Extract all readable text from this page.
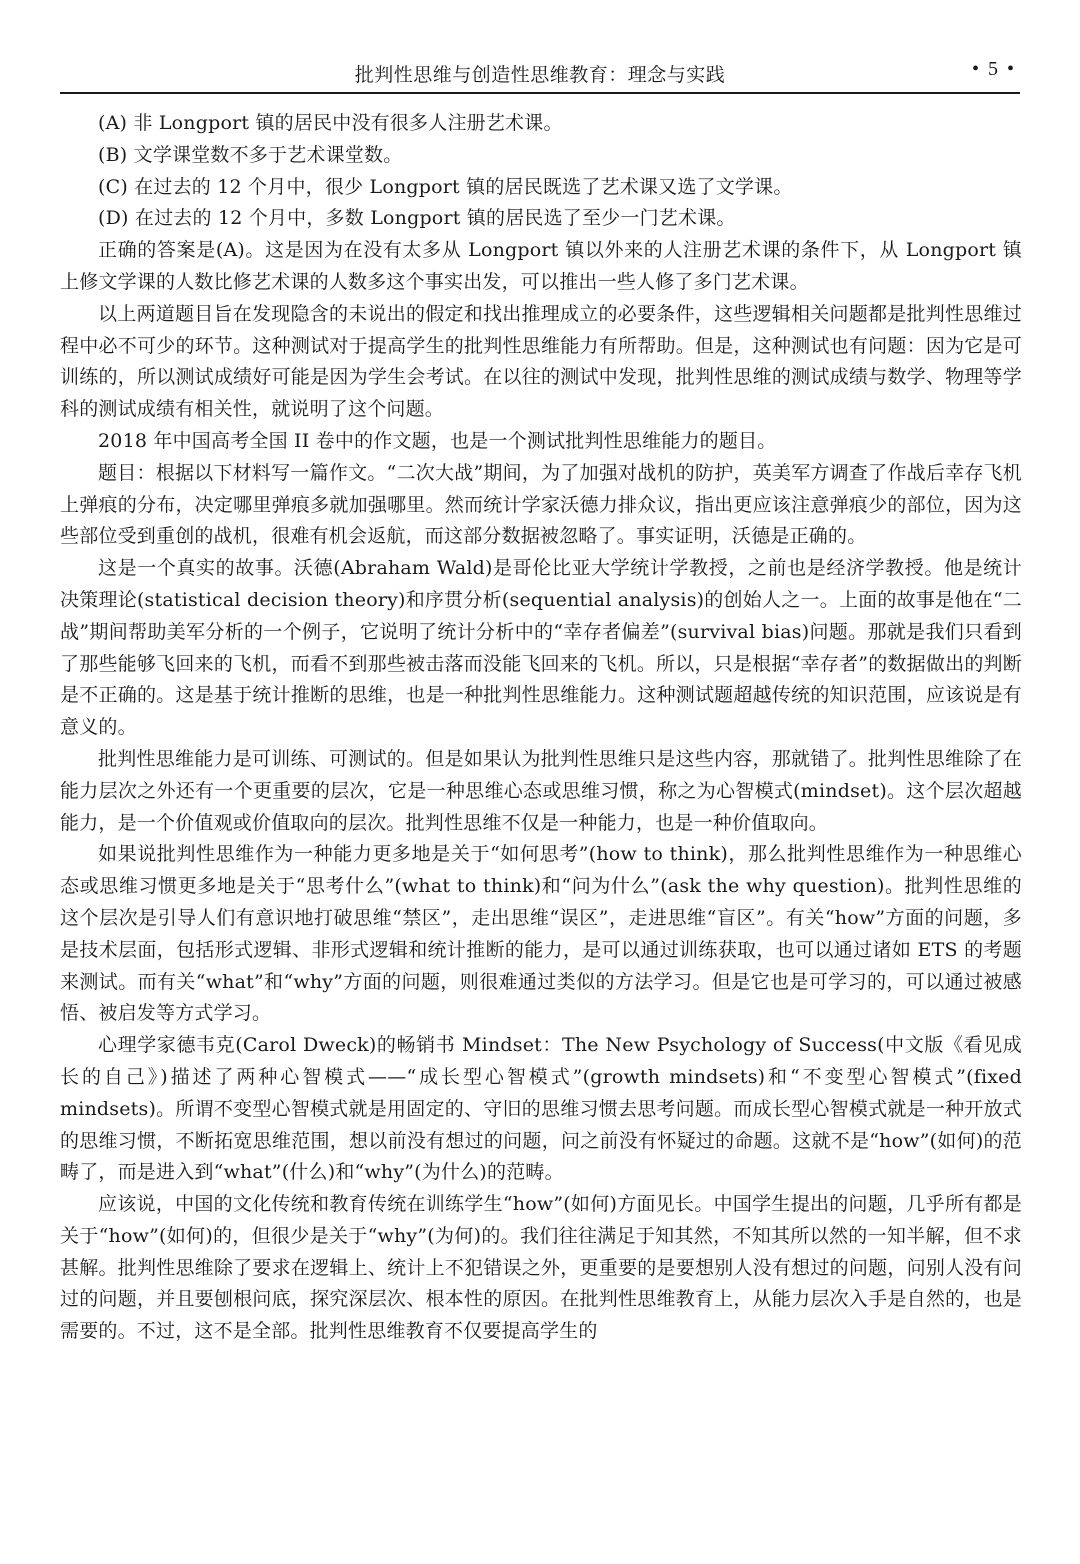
批判性思维与创造性思维教育：理念与实践	• 5 •

(A) 非 Longport 镇的居民中没有很多人注册艺术课。

(B) 文学课堂数不多于艺术课堂数。

(C) 在过去的 12 个月中，很少 Longport 镇的居民既选了艺术课又选了文学课。

(D) 在过去的 12 个月中，多数 Longport 镇的居民选了至少一门艺术课。

正确的答案是(A)。这是因为在没有太多从 Longport 镇以外来的人注册艺术课的条件下，从 Longport 镇上修文学课的人数比修艺术课的人数多这个事实出发，可以推出一些人修了多门艺术课。

以上两道题目旨在发现隐含的未说出的假定和找出推理成立的必要条件，这些逻辑相关问题都是批判性思维过程中必不可少的环节。这种测试对于提高学生的批判性思维能力有所帮助。但是，这种测试也有问题：因为它是可训练的，所以测试成绩好可能是因为学生会考试。在以往的测试中发现，批判性思维的测试成绩与数学、物理等学科的测试成绩有相关性，就说明了这个问题。

2018 年中国高考全国 II 卷中的作文题，也是一个测试批判性思维能力的题目。

题目：根据以下材料写一篇作文。“二次大战”期间，为了加强对战机的防护，英美军方调查了作战后幸存飞机上弹痕的分布，决定哪里弹痕多就加强哪里。然而统计学家沃德力排众议，指出更应该注意弹痕少的部位，因为这些部位受到重创的战机，很难有机会返航，而这部分数据被忽略了。事实证明，沃德是正确的。

这是一个真实的故事。沃德(Abraham Wald)是哥伦比亚大学统计学教授，之前也是经济学教授。他是统计决策理论(statistical decision theory)和序贯分析(sequential analysis)的创始人之一。上面的故事是他在“二战”期间帮助美军分析的一个例子，它说明了统计分析中的“幸存者偏差”(survival bias)问题。那就是我们只看到了那些能够飞回来的飞机，而看不到那些被击落而没能飞回来的飞机。所以，只是根据“幸存者”的数据做出的判断是不正确的。这是基于统计推断的思维，也是一种批判性思维能力。这种测试题超越传统的知识范围，应该说是有意义的。

批判性思维能力是可训练、可测试的。但是如果认为批判性思维只是这些内容，那就错了。批判性思维除了在能力层次之外还有一个更重要的层次，它是一种思维心态或思维习惯，称之为心智模式(mindset)。这个层次超越能力，是一个价值观或价值取向的层次。批判性思维不仅是一种能力，也是一种价值取向。

如果说批判性思维作为一种能力更多地是关于“如何思考”(how to think)，那么批判性思维作为一种思维心态或思维习惯更多地是关于“思考什么”(what to think)和“问为什么”(ask the why question)。批判性思维的这个层次是引导人们有意识地打破思维“禁区”，走出思维“误区”，走进思维“盲区”。有关“how”方面的问题，多是技术层面，包括形式逻辑、非形式逻辑和统计推断的能力，是可以通过训练获取，也可以通过诸如 ETS 的考题来测试。而有关“what”和“why”方面的问题，则很难通过类似的方法学习。但是它也是可学习的，可以通过被感悟、被启发等方式学习。

心理学家德韦克(Carol Dweck)的畅销书 Mindset：The New Psychology of Success(中文版《看见成长的自己》)描述了两种心智模式——“成长型心智模式”(growth mindsets)和“不变型心智模式”(fixed mindsets)。所谓不变型心智模式就是用固定的、守旧的思维习惯去思考问题。而成长型心智模式就是一种开放式的思维习惯，不断拓宽思维范围，想以前没有想过的问题，问之前没有怀疑过的命题。这就不是“how”(如何)的范畴了，而是进入到“what”(什么)和“why”(为什么)的范畴。

应该说，中国的文化传统和教育传统在训练学生“how”(如何)方面见长。中国学生提出的问题，几乎所有都是关于“how”(如何)的，但很少是关于“why”(为何)的。我们往往满足于知其然，不知其所以然的一知半解，但不求甚解。批判性思维除了要求在逻辑上、统计上不犯错误之外，更重要的是要想别人没有想过的问题，问别人没有问过的问题，并且要刨根问底，探究深层次、根本性的原因。在批判性思维教育上，从能力层次入手是自然的，也是需要的。不过，这不是全部。批判性思维教育不仅要提高学生的
